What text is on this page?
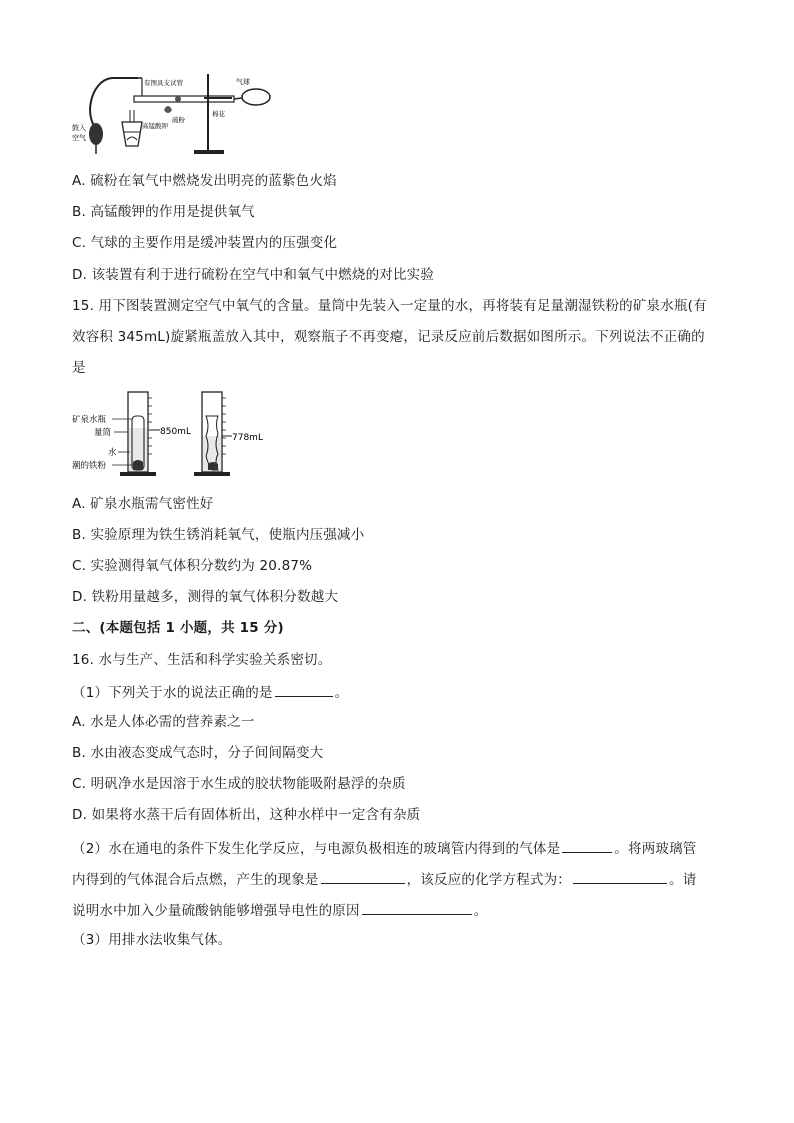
鼓入
空气
有图具支试管	气球
硫粉
高锰酸钾
棉花
A. 硫粉在氧气中燃烧发出明亮的蓝紫色火焰
B. 高锰酸钾的作用是提供氧气
C. 气球的主要作用是缓冲装置内的压强变化
D. 该装置有利于进行硫粉在空气中和氧气中燃烧的对比实验
15. 用下图装置测定空气中氧气的含量。量筒中先装入一定量的水，再将装有足量潮湿铁粉的矿泉水瓶(有
效容积 345mL)旋紧瓶盖放入其中，观察瓶子不再变瘪，记录反应前后数据如图所示。下列说法不正确的
是
850mL
矿泉水瓶
量筒
水
潮的铁粉
778mL
A. 矿泉水瓶需气密性好
B. 实验原理为铁生锈消耗氧气，使瓶内压强减小
C. 实验测得氧气体积分数约为 20.87%
D. 铁粉用量越多，测得的氧气体积分数越大
二、(本题包括 1 小题，共 15 分)
16. 水与生产、生活和科学实验关系密切。
（1）下列关于水的说法正确的是	。
A. 水是人体必需的营养素之一
B. 水由液态变成气态时，分子间间隔变大
C. 明矾净水是因溶于水生成的胶状物能吸附悬浮的杂质
D. 如果将水蒸干后有固体析出，这种水样中一定含有杂质
（2）水在通电的条件下发生化学反应，与电源负极相连的玻璃管内得到的气体是	。将两玻璃管
内得到的气体混合后点燃，产生的现象是	，该反应的化学方程式为：	。请
说明水中加入少量硫酸钠能够增强导电性的原因	。
（3）用排水法收集气体。
